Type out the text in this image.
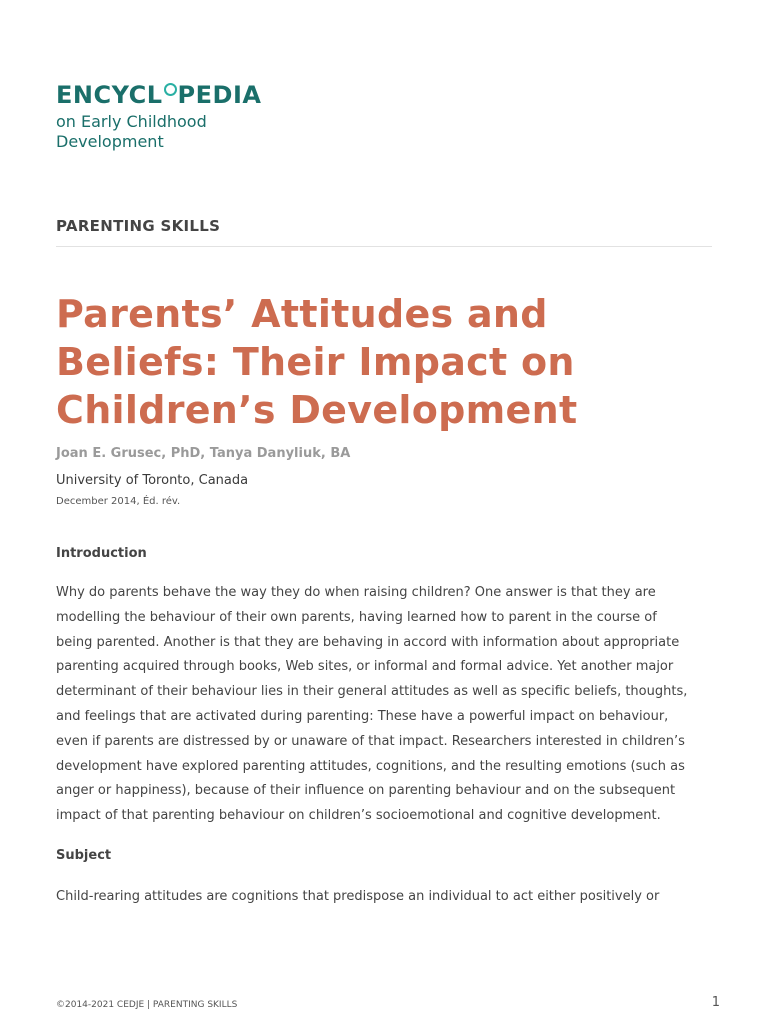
ENCYCL PEDIA
on Early Childhood
Development
PARENTING SKILLS
Parents’ Attitudes and
Beliefs: Their Impact on
Children’s Development
Joan E. Grusec, PhD, Tanya Danyliuk, BA
University of Toronto, Canada
December 2014, Éd. rév.
Introduction
Why do parents behave the way they do when raising children? One answer is that they are
modelling the behaviour of their own parents, having learned how to parent in the course of
being parented. Another is that they are behaving in accord with information about appropriate
parenting acquired through books, Web sites, or informal and formal advice. Yet another major
determinant of their behaviour lies in their general attitudes as well as specific beliefs, thoughts,
and feelings that are activated during parenting: These have a powerful impact on behaviour,
even if parents are distressed by or unaware of that impact. Researchers interested in children’s
development have explored parenting attitudes, cognitions, and the resulting emotions (such as
anger or happiness), because of their influence on parenting behaviour and on the subsequent
impact of that parenting behaviour on children’s socioemotional and cognitive development.
Subject
Child-rearing attitudes are cognitions that predispose an individual to act either positively or
©2014-2021 CEDJE | PARENTING SKILLS	1
